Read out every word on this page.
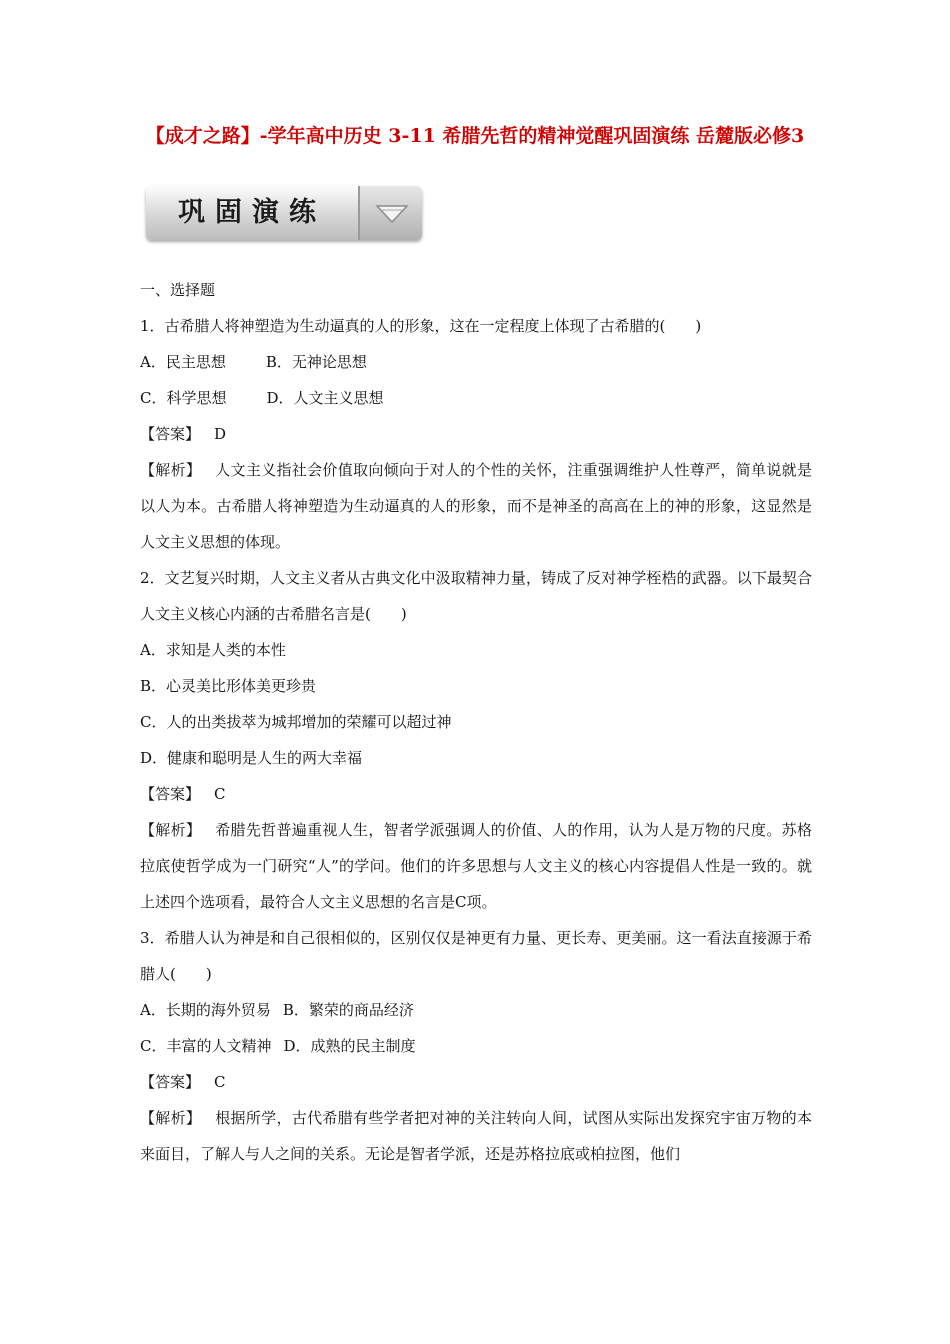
【成才之路】-学年高中历史 3-11 希腊先哲的精神觉醒巩固演练 岳麓版必修3
巩固演练
一、选择题
1．古希腊人将神塑造为生动逼真的人的形象，这在一定程度上体现了古希腊的(　　)
A．民主思想	B．无神论思想
C．科学思想	D．人文主义思想
【答案】 D
【解析】 人文主义指社会价值取向倾向于对人的个性的关怀，注重强调维护人性尊严，简单说就是以人为本。古希腊人将神塑造为生动逼真的人的形象，而不是神圣的高高在上的神的形象，这显然是人文主义思想的体现。
2．文艺复兴时期，人文主义者从古典文化中汲取精神力量，铸成了反对神学桎梏的武器。以下最契合人文主义核心内涵的古希腊名言是(　　)
A．求知是人类的本性
B．心灵美比形体美更珍贵
C．人的出类拔萃为城邦增加的荣耀可以超过神
D．健康和聪明是人生的两大幸福
【答案】 C
【解析】 希腊先哲普遍重视人生，智者学派强调人的价值、人的作用，认为人是万物的尺度。苏格拉底使哲学成为一门研究“人”的学问。他们的许多思想与人文主义的核心内容提倡人性是一致的。就上述四个选项看，最符合人文主义思想的名言是C项。
3．希腊人认为神是和自己很相似的，区别仅仅是神更有力量、更长寿、更美丽。这一看法直接源于希腊人(　　)
A．长期的海外贸易 B．繁荣的商品经济
C．丰富的人文精神 D．成熟的民主制度
【答案】 C
【解析】 根据所学，古代希腊有些学者把对神的关注转向人间，试图从实际出发探究宇宙万物的本来面目，了解人与人之间的关系。无论是智者学派，还是苏格拉底或柏拉图，他们
